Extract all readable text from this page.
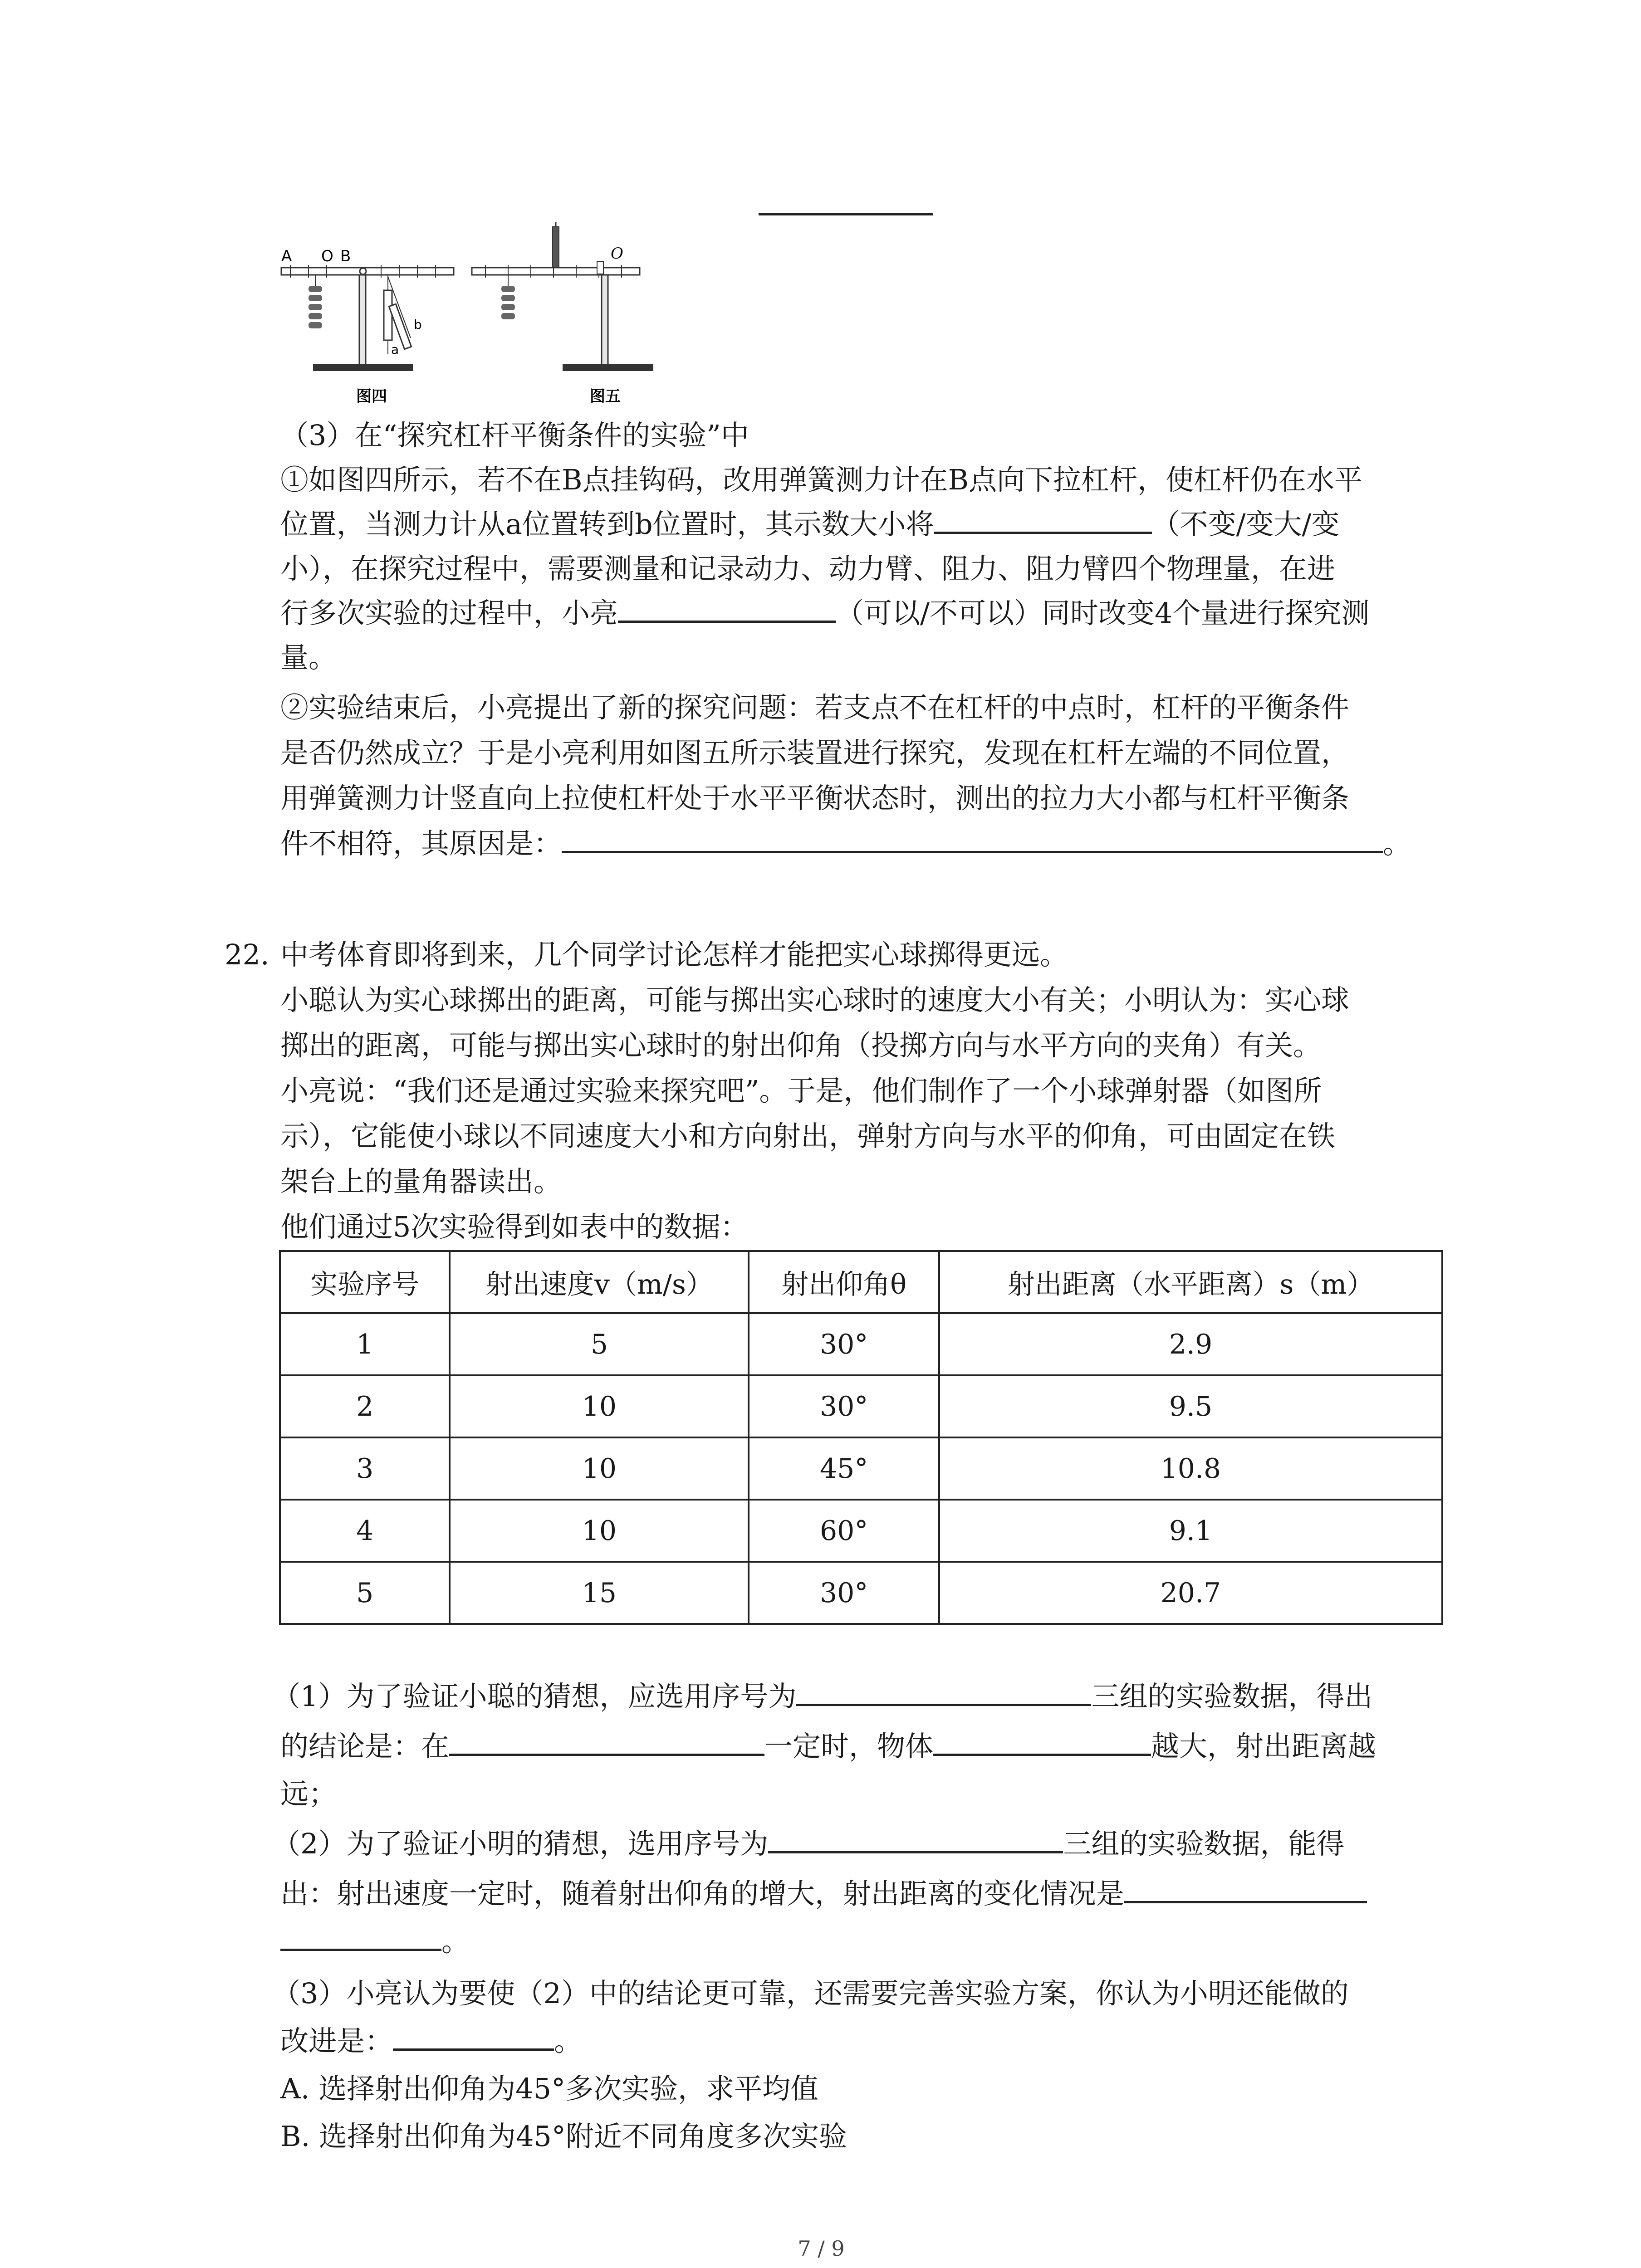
A O B
a
b
O
图四	图五
（3）在“探究杠杆平衡条件的实验”中
①如图四所示，若不在B点挂钩码，改用弹簧测力计在B点向下拉杠杆，使杠杆仍在水平
位置，当测力计从a位置转到b位置时，其示数大小将	（不变/变大/变
小），在探究过程中，需要测量和记录动力、动力臂、阻力、阻力臂四个物理量，在进
行多次实验的过程中，小亮	（可以/不可以）同时改变4个量进行探究测
量。
②实验结束后，小亮提出了新的探究问题：若支点不在杠杆的中点时，杠杆的平衡条件
是否仍然成立？于是小亮利用如图五所示装置进行探究，发现在杠杆左端的不同位置，
用弹簧测力计竖直向上拉使杠杆处于水平平衡状态时，测出的拉力大小都与杠杆平衡条
件不相符，其原因是：	。
22. 中考体育即将到来，几个同学讨论怎样才能把实心球掷得更远。
小聪认为实心球掷出的距离，可能与掷出实心球时的速度大小有关；小明认为：实心球
掷出的距离，可能与掷出实心球时的射出仰角（投掷方向与水平方向的夹角）有关。
小亮说：“我们还是通过实验来探究吧”。于是，他们制作了一个小球弹射器（如图所
示），它能使小球以不同速度大小和方向射出，弹射方向与水平的仰角，可由固定在铁
架台上的量角器读出。
他们通过5次实验得到如表中的数据：
实验序号	射出速度v（m/s）	射出仰角θ	射出距离（水平距离）s（m）
1	5	30°	2.9
2	10	30°	9.5
3	10	45°	10.8
4	10	60°	9.1
5	15	30°	20.7
（1）为了验证小聪的猜想，应选用序号为	三组的实验数据，得出
的结论是：在	一定时，物体	越大，射出距离越
远；
（2）为了验证小明的猜想，选用序号为	三组的实验数据，能得
出：射出速度一定时，随着射出仰角的增大，射出距离的变化情况是
。
（3）小亮认为要使（2）中的结论更可靠，还需要完善实验方案，你认为小明还能做的
改进是：	。
A. 选择射出仰角为45°多次实验，求平均值
B. 选择射出仰角为45°附近不同角度多次实验
7 / 9
